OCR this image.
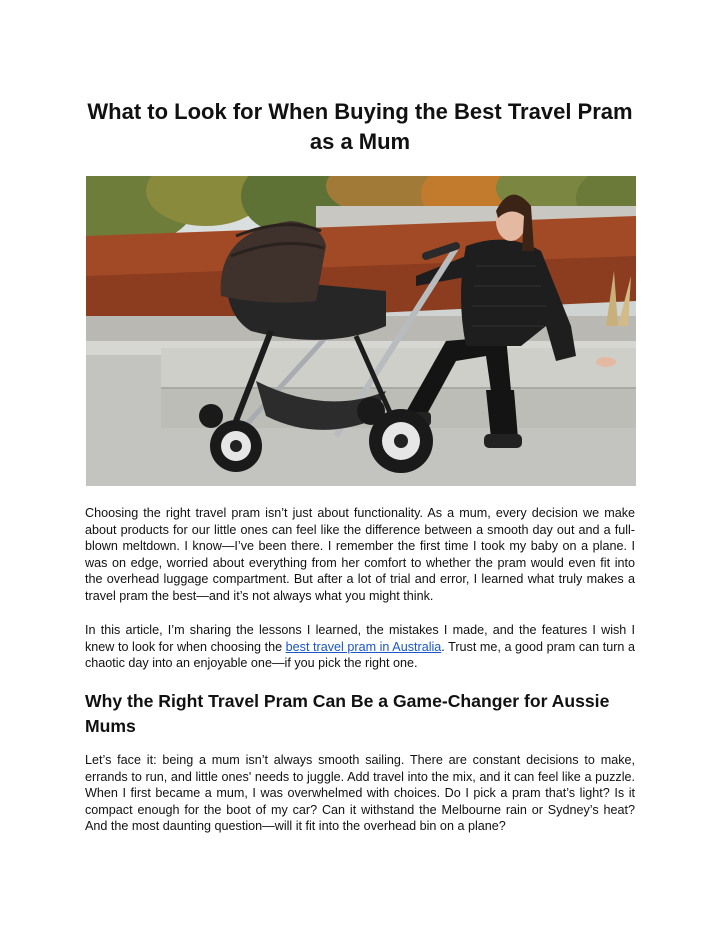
What to Look for When Buying the Best Travel Pram as a Mum

Choosing the right travel pram isn’t just about functionality. As a mum, every decision we make about products for our little ones can feel like the difference between a smooth day out and a full-blown meltdown. I know—I’ve been there. I remember the first time I took my baby on a plane. I was on edge, worried about everything from her comfort to whether the pram would even fit into the overhead luggage compartment. But after a lot of trial and error, I learned what truly makes a travel pram the best—and it’s not always what you might think.

In this article, I’m sharing the lessons I learned, the mistakes I made, and the features I wish I knew to look for when choosing the best travel pram in Australia. Trust me, a good pram can turn a chaotic day into an enjoyable one—if you pick the right one.

Why the Right Travel Pram Can Be a Game-Changer for Aussie Mums

Let’s face it: being a mum isn’t always smooth sailing. There are constant decisions to make, errands to run, and little ones' needs to juggle. Add travel into the mix, and it can feel like a puzzle. When I first became a mum, I was overwhelmed with choices. Do I pick a pram that’s light? Is it compact enough for the boot of my car? Can it withstand the Melbourne rain or Sydney’s heat? And the most daunting question—will it fit into the overhead bin on a plane?
